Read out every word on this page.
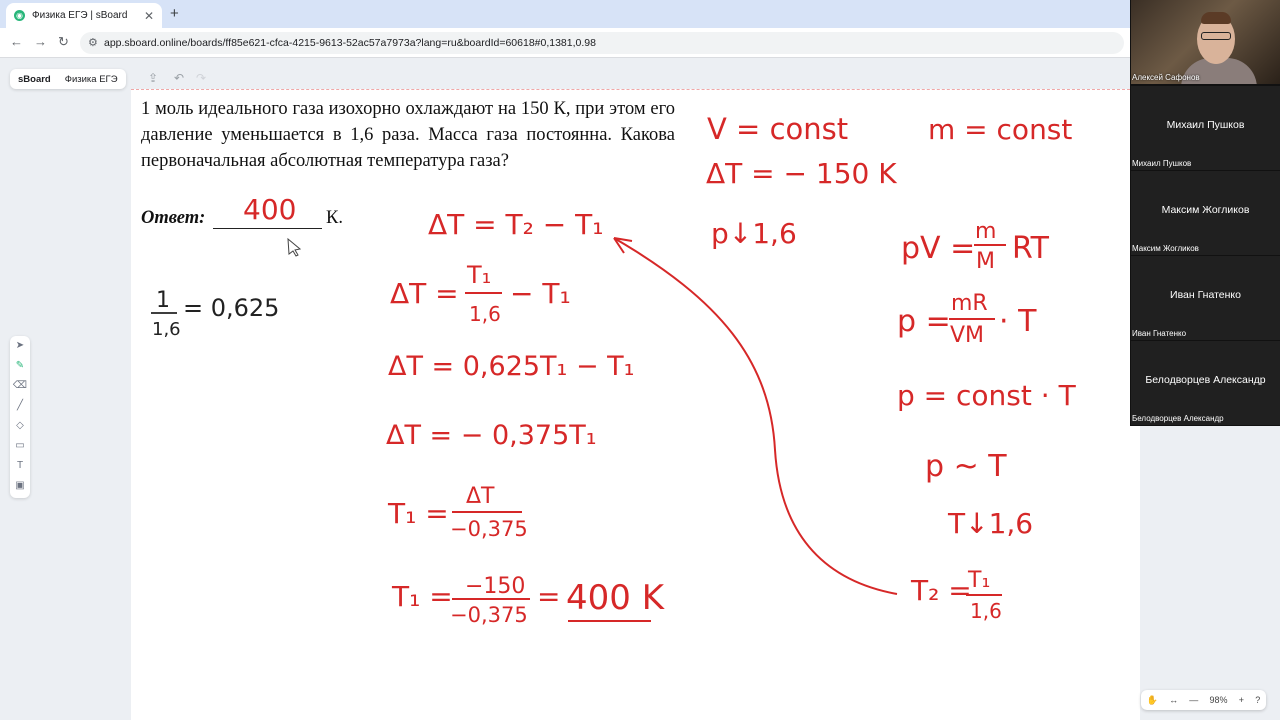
◉ Физика ЕГЭ | sBoard ✕ +
← → ↻ ⚙ app.sboard.online/boards/ff85e621-cfca-4215-9613-52ac57a7973a?lang=ru&boardId=60618#0,1381,0.98
sBoard Физика ЕГЭ	⇪ ↶ ↷
➤
✎
⌫
╱
◇
▭
T
▣
1 моль идеального газа изохорно охлаждают на 150 К, при этом его давление уменьшается в 1,6 раза. Масса газа постоянна. Какова первоначальная абсолютная температура газа?
Ответ:	К.
400
1
1,6
= 0,625
ΔT = T₂ − T₁
ΔT =
T₁
1,6
− T₁
ΔT = 0,625T₁ − T₁
ΔT = − 0,375T₁
T₁ =
ΔT
−0,375
T₁ = −150
−0,375
= 400 K
V = const
ΔT = − 150 K
p↓1,6
m = const
pV = m
M RT
p =
mR
VM · T
p = const · T
p ~ T
T↓1,6
T₂ =
T₁
1,6
Михаил Пушков
Михаил Пушков
Максим Жогликов
Максим Жогликов
Иван Гнатенко
Иван Гнатенко
Белодворцев Александр
Белодворцев Александр
Алексей Сафонов
✋ ↔ — 98% + ?
